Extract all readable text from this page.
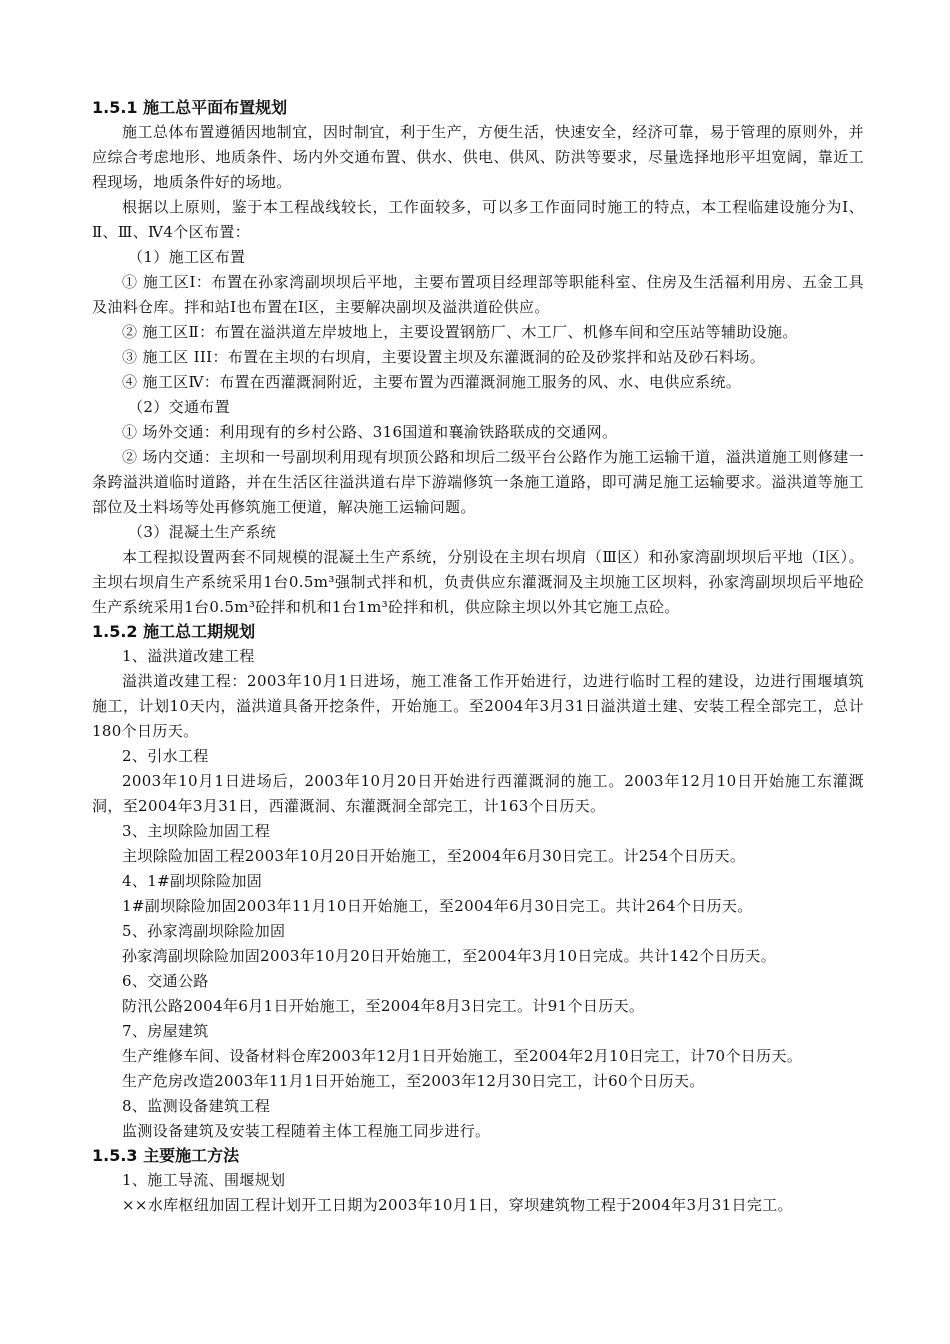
1.5.1 施工总平面布置规划

施工总体布置遵循因地制宜，因时制宜，利于生产，方便生活，快速安全，经济可靠，易于管理的原则外，并应综合考虑地形、地质条件、场内外交通布置、供水、供电、供风、防洪等要求，尽量选择地形平坦宽阔，靠近工程现场，地质条件好的场地。

根据以上原则，鉴于本工程战线较长，工作面较多，可以多工作面同时施工的特点，本工程临建设施分为Ⅰ、Ⅱ、Ⅲ、Ⅳ4个区布置：

（1）施工区布置

① 施工区Ⅰ：布置在孙家湾副坝坝后平地，主要布置项目经理部等职能科室、住房及生活福利用房、五金工具及油料仓库。拌和站Ⅰ也布置在Ⅰ区，主要解决副坝及溢洪道砼供应。

② 施工区Ⅱ：布置在溢洪道左岸坡地上，主要设置钢筋厂、木工厂、机修车间和空压站等辅助设施。

③ 施工区 III：布置在主坝的右坝肩，主要设置主坝及东灌溉洞的砼及砂浆拌和站及砂石料场。

④ 施工区Ⅳ：布置在西灌溉洞附近，主要布置为西灌溉洞施工服务的风、水、电供应系统。

（2）交通布置

① 场外交通：利用现有的乡村公路、316国道和襄渝铁路联成的交通网。

② 场内交通：主坝和一号副坝利用现有坝顶公路和坝后二级平台公路作为施工运输干道，溢洪道施工则修建一条跨溢洪道临时道路，并在生活区往溢洪道右岸下游端修筑一条施工道路，即可满足施工运输要求。溢洪道等施工部位及土料场等处再修筑施工便道，解决施工运输问题。

（3）混凝土生产系统

本工程拟设置两套不同规模的混凝土生产系统，分别设在主坝右坝肩（Ⅲ区）和孙家湾副坝坝后平地（Ⅰ区）。主坝右坝肩生产系统采用1台0.5m³强制式拌和机，负责供应东灌溉洞及主坝施工区坝料，孙家湾副坝坝后平地砼生产系统采用1台0.5m³砼拌和机和1台1m³砼拌和机，供应除主坝以外其它施工点砼。

1.5.2 施工总工期规划

1、溢洪道改建工程

溢洪道改建工程：2003年10月1日进场，施工准备工作开始进行，边进行临时工程的建设，边进行围堰填筑施工，计划10天内，溢洪道具备开挖条件，开始施工。至2004年3月31日溢洪道土建、安装工程全部完工，总计180个日历天。

2、引水工程

2003年10月1日进场后，2003年10月20日开始进行西灌溉洞的施工。2003年12月10日开始施工东灌溉洞，至2004年3月31日，西灌溉洞、东灌溉洞全部完工，计163个日历天。

3、主坝除险加固工程

主坝除险加固工程2003年10月20日开始施工，至2004年6月30日完工。计254个日历天。

4、1#副坝除险加固

1#副坝除险加固2003年11月10日开始施工，至2004年6月30日完工。共计264个日历天。

5、孙家湾副坝除险加固

孙家湾副坝除险加固2003年10月20日开始施工，至2004年3月10日完成。共计142个日历天。

6、交通公路

防汛公路2004年6月1日开始施工，至2004年8月3日完工。计91个日历天。

7、房屋建筑

生产维修车间、设备材料仓库2003年12月1日开始施工，至2004年2月10日完工，计70个日历天。

生产危房改造2003年11月1日开始施工，至2003年12月30日完工，计60个日历天。

8、监测设备建筑工程

监测设备建筑及安装工程随着主体工程施工同步进行。

1.5.3 主要施工方法

1、施工导流、围堰规划

××水库枢纽加固工程计划开工日期为2003年10月1日，穿坝建筑物工程于2004年3月31日完工。
